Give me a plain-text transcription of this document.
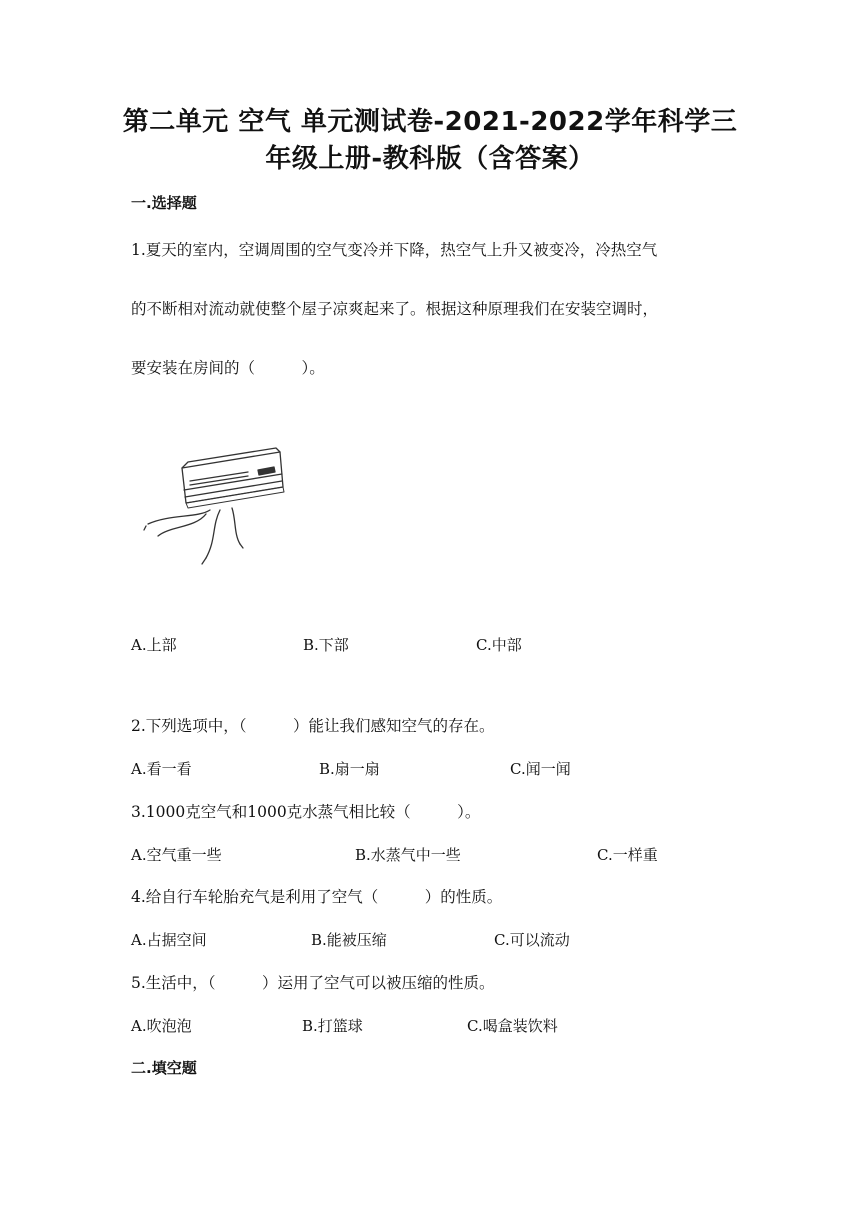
第二单元 空气 单元测试卷-2021-2022学年科学三
年级上册-教科版（含答案）
一.选择题
1.夏天的室内，空调周围的空气变冷并下降，热空气上升又被变冷，冷热空气
的不断相对流动就使整个屋子凉爽起来了。根据这种原理我们在安装空调时，
要安装在房间的（　　　）。
A.上部	B.下部	C.中部
2.下列选项中，（　　　）能让我们感知空气的存在。
A.看一看	B.扇一扇	C.闻一闻
3.1000克空气和1000克水蒸气相比较（　　　）。
A.空气重一些	B.水蒸气中一些	C.一样重
4.给自行车轮胎充气是利用了空气（　　　）的性质。
A.占据空间	B.能被压缩	C.可以流动
5.生活中，（　　　）运用了空气可以被压缩的性质。
A.吹泡泡	B.打篮球	C.喝盒装饮料
二.填空题
